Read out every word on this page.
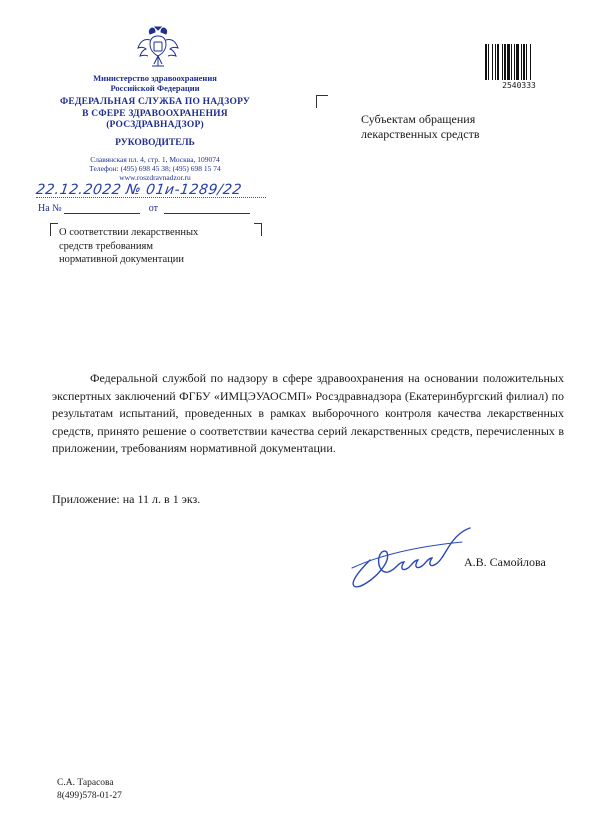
Министерство здравоохранения
Российской Федерации
ФЕДЕРАЛЬНАЯ СЛУЖБА ПО НАДЗОРУ
В СФЕРЕ ЗДРАВООХРАНЕНИЯ
(РОСЗДРАВНАДЗОР)
РУКОВОДИТЕЛЬ
Славянская пл. 4, стр. 1, Москва, 109074
Телефон: (495) 698 45 38; (495) 698 15 74
www.roszdravnadzor.ru
22.12.2022 № 01и-1289/22
На №	от
О соответствии лекарственных
средств требованиям
нормативной документации
2540333
Субъектам обращения
лекарственных средств
Федеральной службой по надзору в сфере здравоохранения на основании положительных экспертных заключений ФГБУ «ИМЦЭУАОСМП» Росздравнадзора (Екатеринбургский филиал) по результатам испытаний, проведенных в рамках выборочного контроля качества лекарственных средств, принято решение о соответствии качества серий лекарственных средств, перечисленных в приложении, требованиям нормативной документации.
Приложение: на 11 л. в 1 экз.
А.В. Самойлова
С.А. Тарасова
8(499)578-01-27
